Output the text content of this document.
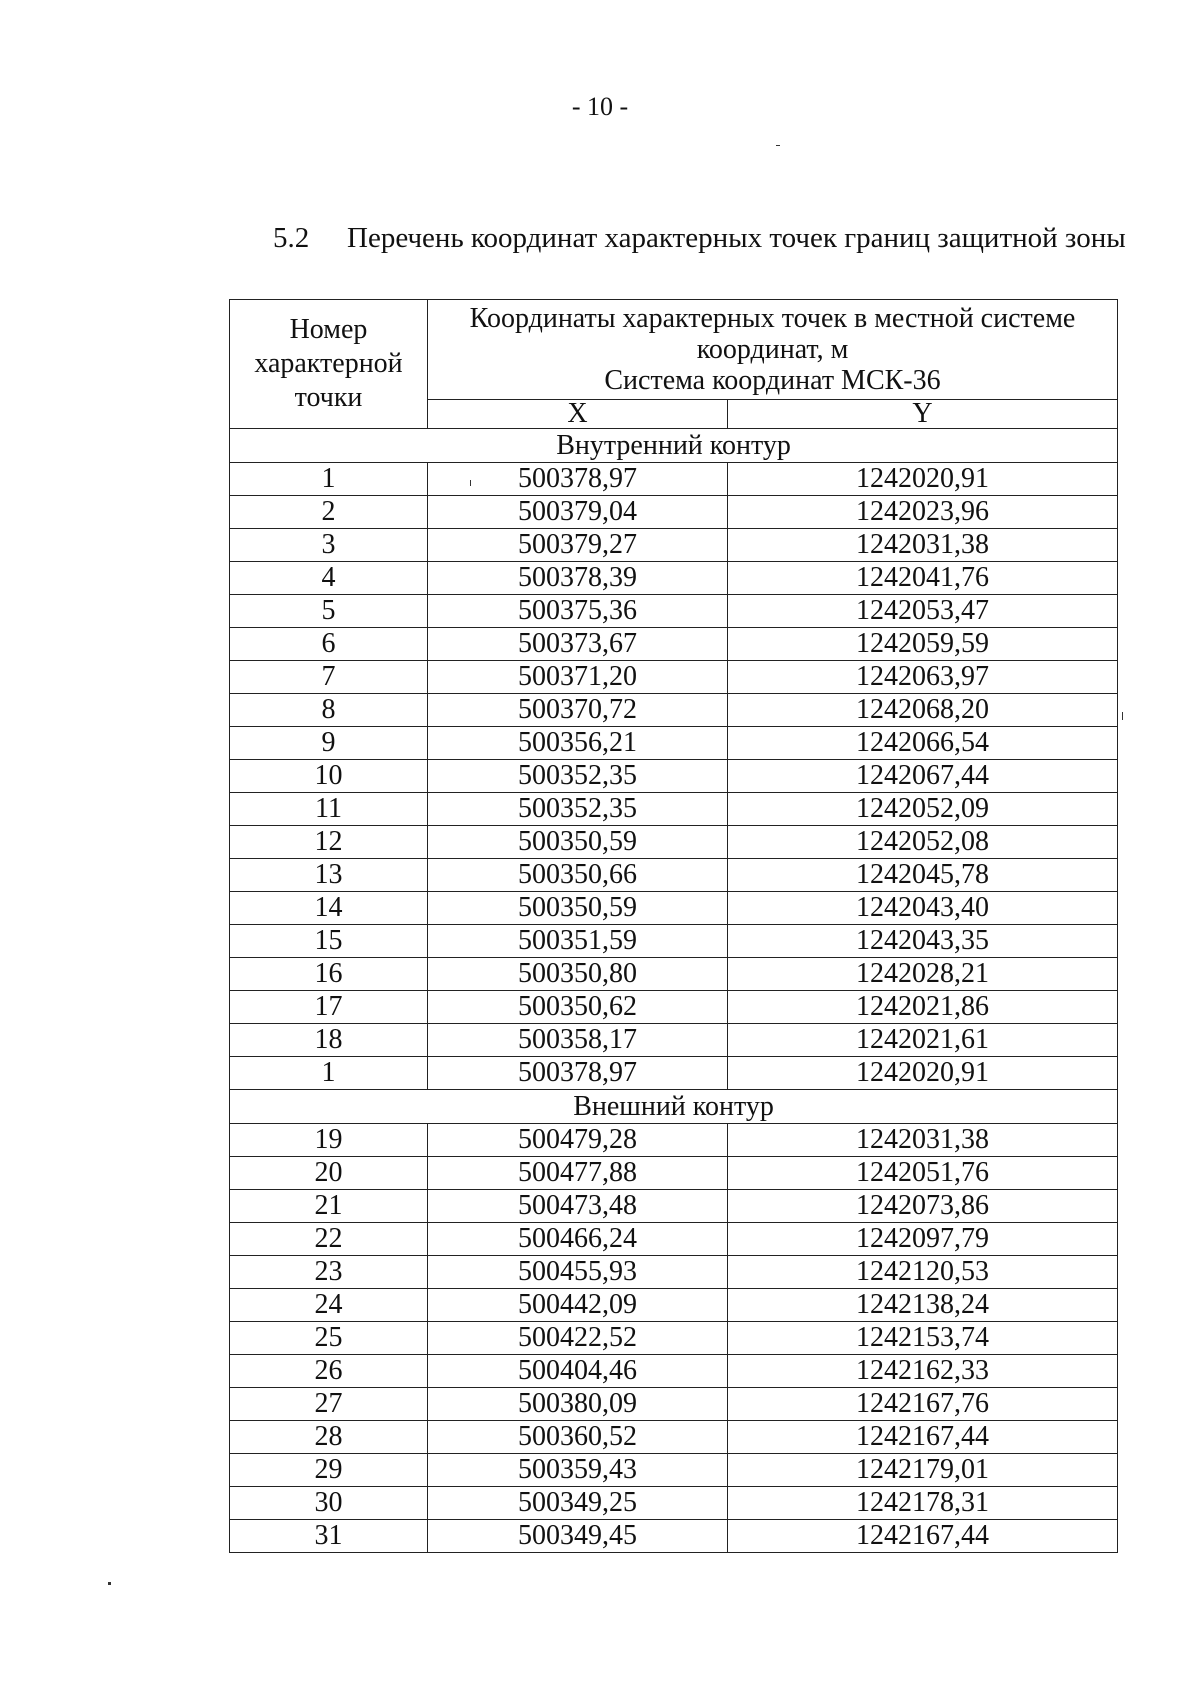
- 10 -
5.2 Перечень координат характерных точек границ защитной зоны
Номер
характерной
точки	Координаты характерных точек в местной системе
координат, м
Система координат МСК-36	
	X	Y
Внутренний контур		
1	500378,97	1242020,91
2	500379,04	1242023,96
3	500379,27	1242031,38
4	500378,39	1242041,76
5	500375,36	1242053,47
6	500373,67	1242059,59
7	500371,20	1242063,97
8	500370,72	1242068,20
9	500356,21	1242066,54
10	500352,35	1242067,44
11	500352,35	1242052,09
12	500350,59	1242052,08
13	500350,66	1242045,78
14	500350,59	1242043,40
15	500351,59	1242043,35
16	500350,80	1242028,21
17	500350,62	1242021,86
18	500358,17	1242021,61
1	500378,97	1242020,91
Внешний контур		
19	500479,28	1242031,38
20	500477,88	1242051,76
21	500473,48	1242073,86
22	500466,24	1242097,79
23	500455,93	1242120,53
24	500442,09	1242138,24
25	500422,52	1242153,74
26	500404,46	1242162,33
27	500380,09	1242167,76
28	500360,52	1242167,44
29	500359,43	1242179,01
30	500349,25	1242178,31
31	500349,45	1242167,44
